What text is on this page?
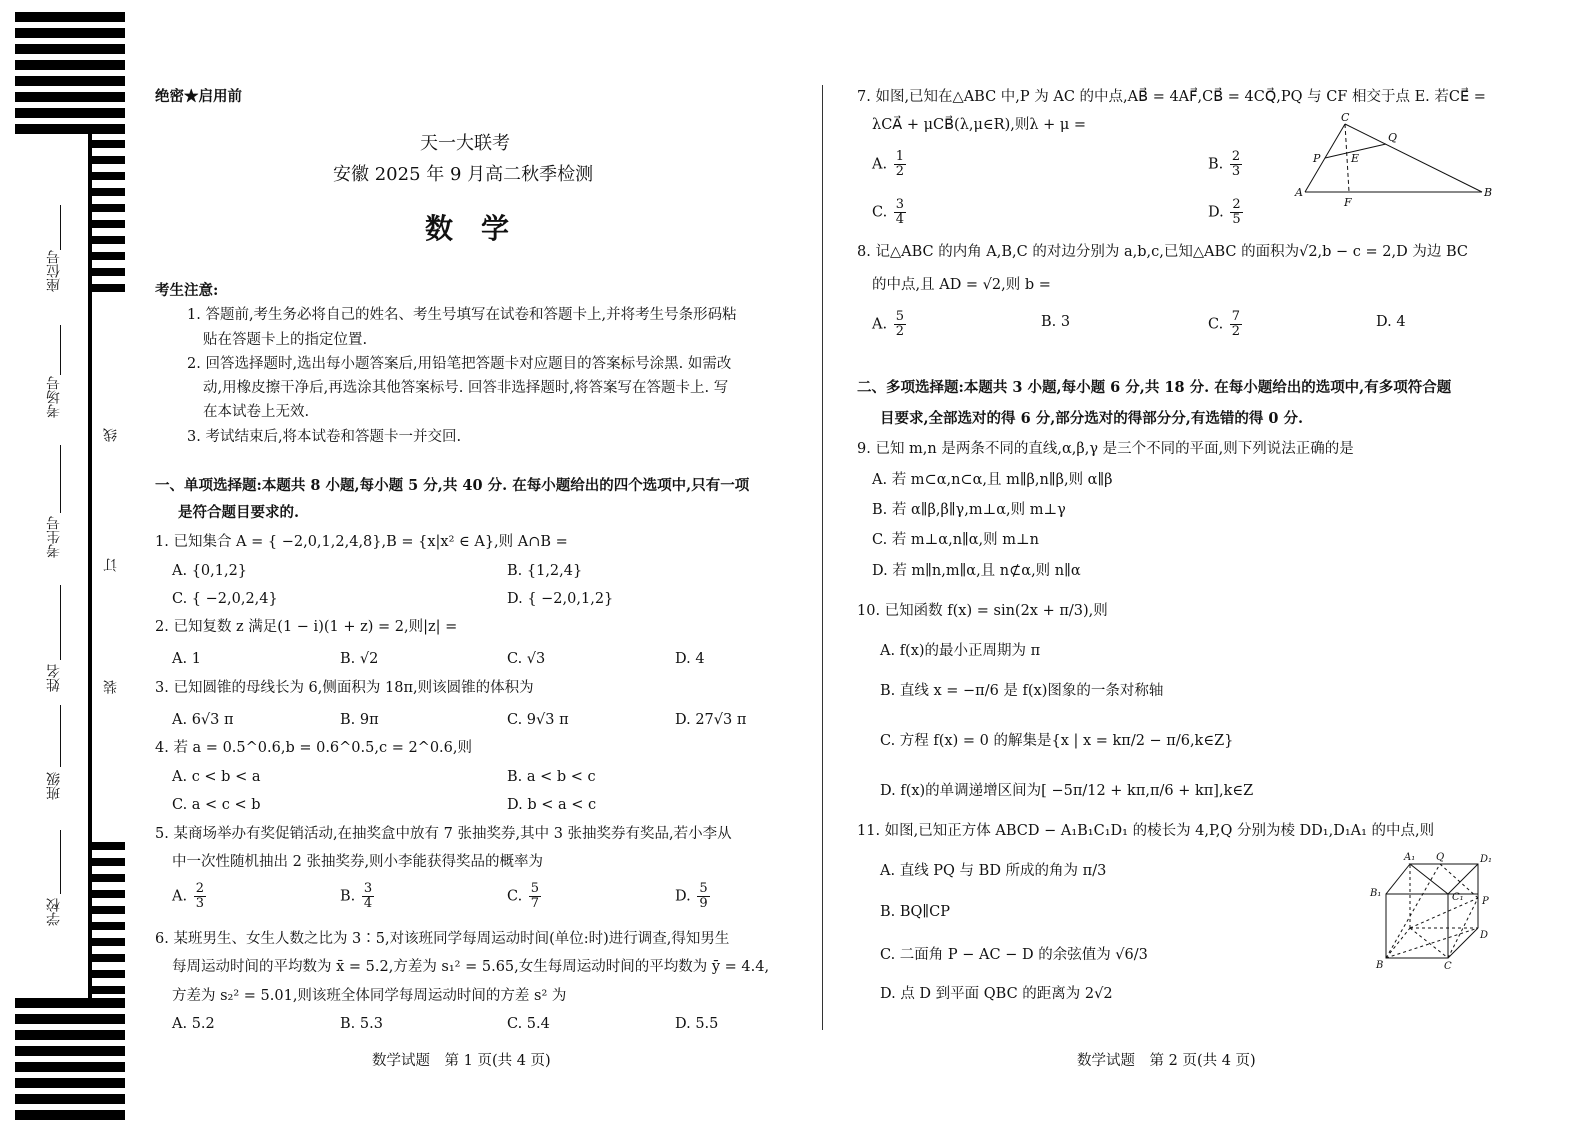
座位号
考场号
考生号
姓名
班级
学校
线
订
装
绝密★启用前
天一大联考
安徽 2025 年 9 月高二秋季检测
数　学
考生注意:
1. 答题前,考生务必将自己的姓名、考生号填写在试卷和答题卡上,并将考生号条形码粘
贴在答题卡上的指定位置.
2. 回答选择题时,选出每小题答案后,用铅笔把答题卡对应题目的答案标号涂黑. 如需改
动,用橡皮擦干净后,再选涂其他答案标号. 回答非选择题时,将答案写在答题卡上. 写
在本试卷上无效.
3. 考试结束后,将本试卷和答题卡一并交回.
一、单项选择题:本题共 8 小题,每小题 5 分,共 40 分. 在每小题给出的四个选项中,只有一项
是符合题目要求的.
1. 已知集合 A = { −2,0,1,2,4,8},B = {x|x² ∈ A},则 A∩B =
A. {0,1,2}	B. {1,2,4}
C. { −2,0,2,4}	D. { −2,0,1,2}
2. 已知复数 z 满足(1 − i)(1 + z) = 2,则|z| =
A. 1	B. √2	C. √3	D. 4
3. 已知圆锥的母线长为 6,侧面积为 18π,则该圆锥的体积为
A. 6√3 π	B. 9π	C. 9√3 π	D. 27√3 π
4. 若 a = 0.5^0.6,b = 0.6^0.5,c = 2^0.6,则
A. c < b < a	B. a < b < c
C. a < c < b	D. b < a < c
5. 某商场举办有奖促销活动,在抽奖盒中放有 7 张抽奖券,其中 3 张抽奖券有奖品,若小李从
中一次性随机抽出 2 张抽奖券,则小李能获得奖品的概率为
A. $\frac{2}{3}$	B. $\frac{3}{4}$	C. $\frac{5}{7}$	D. $\frac{5}{9}$
6. 某班男生、女生人数之比为 3∶5,对该班同学每周运动时间(单位:时)进行调查,得知男生
每周运动时间的平均数为 x̄ = 5.2,方差为 s₁² = 5.65,女生每周运动时间的平均数为 ȳ = 4.4,
方差为 s₂² = 5.01,则该班全体同学每周运动时间的方差 s² 为
A. 5.2	B. 5.3	C. 5.4	D. 5.5
数学试题　第 1 页(共 4 页)
7. 如图,已知在△ABC 中,P 为 AC 的中点,AB⃗ = 4AF⃗,CB⃗ = 4CQ⃗,PQ 与 CF 相交于点 E. 若CE⃗ =
λCA⃗ + μCB⃗(λ,μ∈R),则λ + μ =
A. $\frac{1}{2}$	B. $\frac{2}{3}$
C. $\frac{3}{4}$	D. $\frac{2}{5}$
C
Q
P	E
A
F
B
8. 记△ABC 的内角 A,B,C 的对边分别为 a,b,c,已知△ABC 的面积为√2,b − c = 2,D 为边 BC
的中点,且 AD = √2,则 b =
A. $\frac{5}{2}$	B. 3	C. $\frac{7}{2}$	D. 4
二、多项选择题:本题共 3 小题,每小题 6 分,共 18 分. 在每小题给出的选项中,有多项符合题
目要求,全部选对的得 6 分,部分选对的得部分分,有选错的得 0 分.
9. 已知 m,n 是两条不同的直线,α,β,γ 是三个不同的平面,则下列说法正确的是
A. 若 m⊂α,n⊂α,且 m∥β,n∥β,则 α∥β
B. 若 α∥β,β∥γ,m⊥α,则 m⊥γ
C. 若 m⊥α,n∥α,则 m⊥n
D. 若 m∥n,m∥α,且 n⊄α,则 n∥α
10. 已知函数 f(x) = sin(2x + π/3),则
A. f(x)的最小正周期为 π
B. 直线 x = −π/6 是 f(x)图象的一条对称轴
C. 方程 f(x) = 0 的解集是{x | x = kπ/2 − π/6,k∈Z}
D. f(x)的单调递增区间为[ −5π/12 + kπ,π/6 + kπ],k∈Z
11. 如图,已知正方体 ABCD − A₁B₁C₁D₁ 的棱长为 4,P,Q 分别为棱 DD₁,D₁A₁ 的中点,则
A. 直线 PQ 与 BD 所成的角为 π/3
B. BQ∥CP
C. 二面角 P − AC − D 的余弦值为 √6/3
D. 点 D 到平面 QBC 的距离为 2√2
A₁ Q	D₁
B₁	C₁ P
D
B	C
数学试题　第 2 页(共 4 页)
